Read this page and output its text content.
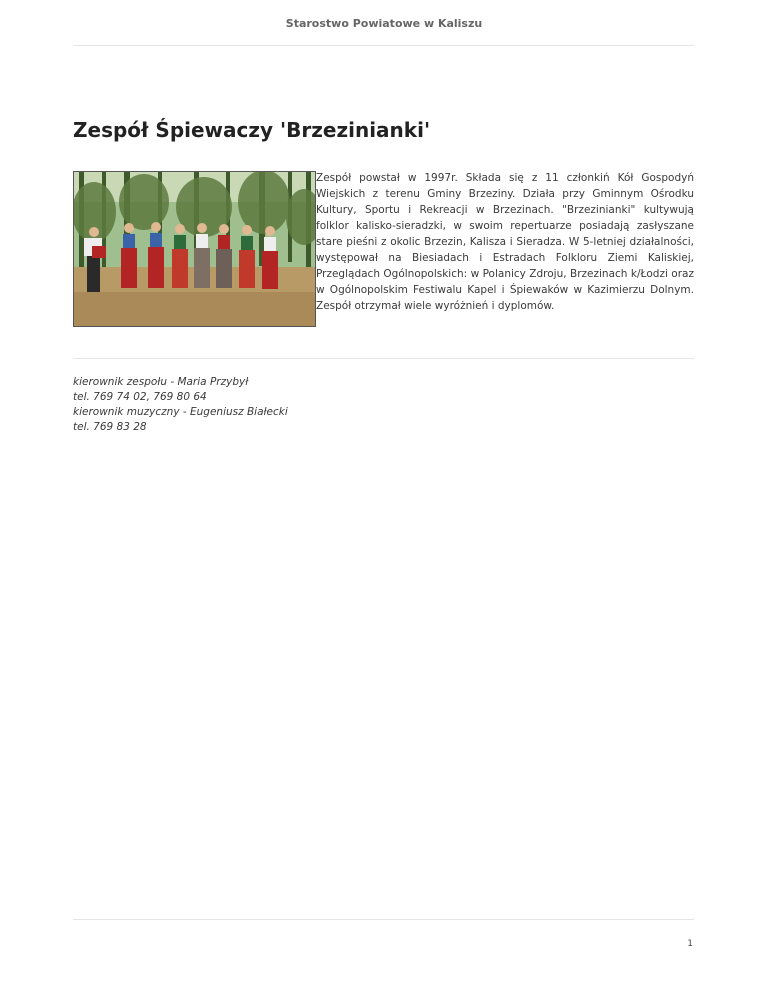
Starostwo Powiatowe w Kaliszu
Zespół Śpiewaczy 'Brzezinianki'

Zespół powstał w 1997r. Składa się z 11 członkiń Kół Gospodyń Wiejskich z terenu Gminy Brzeziny. Działa przy Gminnym Ośrodku Kultury, Sportu i Rekreacji w Brzezinach. "Brzezinianki" kultywują folklor kalisko-sieradzki, w swoim repertuarze posiadają zasłyszane stare pieśni z okolic Brzezin, Kalisza i Sieradza. W 5-letniej działalności, występował na Biesiadach i Estradach Folkloru Ziemi Kaliskiej, Przeglądach Ogólnopolskich: w Polanicy Zdroju, Brzezinach k/Łodzi oraz w Ogólnopolskim Festiwalu Kapel i Śpiewaków w Kazimierzu Dolnym. Zespół otrzymał wiele wyróżnień i dyplomów.

kierownik zespołu - Maria Przybył
tel. 769 74 02, 769 80 64
kierownik muzyczny - Eugeniusz Białecki
tel. 769 83 28
1
